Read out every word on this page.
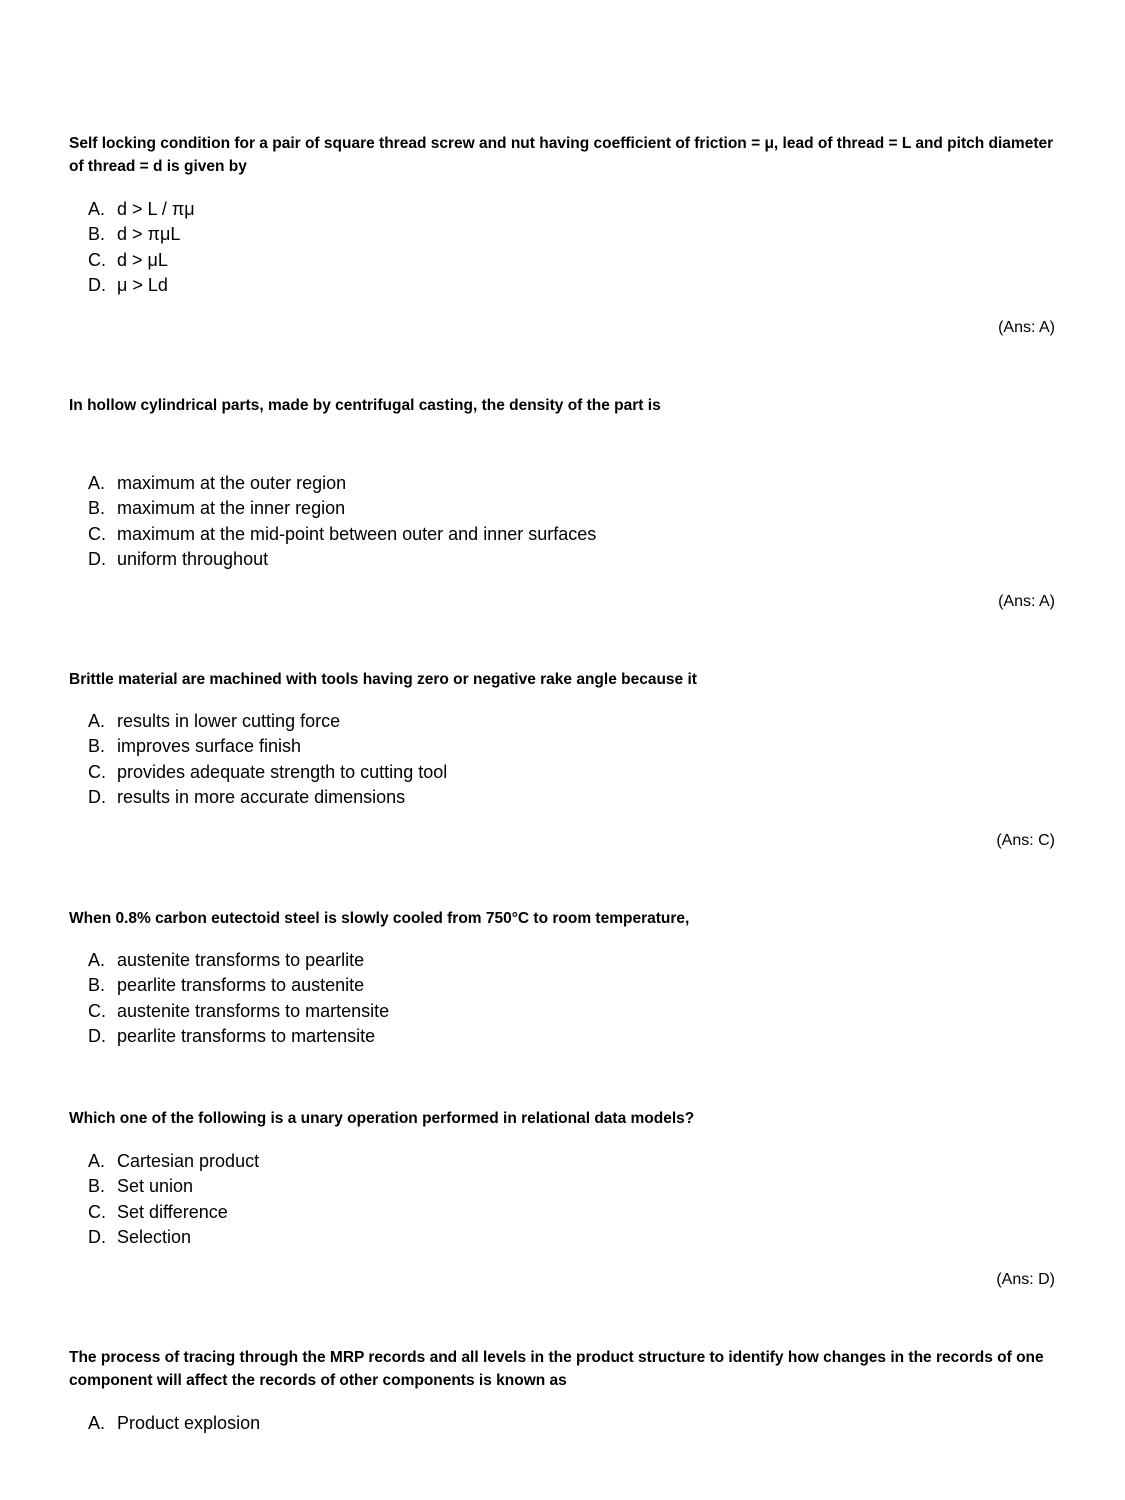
Self locking condition for a pair of square thread screw and nut having coefficient of friction = μ, lead of thread = L and pitch diameter of thread = d is given by
A. d > L / πμ
B. d > πμL
C. d > μL
D. μ > Ld
(Ans: A)
In hollow cylindrical parts, made by centrifugal casting, the density of the part is
A. maximum at the outer region
B. maximum at the inner region
C. maximum at the mid-point between outer and inner surfaces
D. uniform throughout
(Ans: A)
Brittle material are machined with tools having zero or negative rake angle because it
A. results in lower cutting force
B. improves surface finish
C. provides adequate strength to cutting tool
D. results in more accurate dimensions
(Ans: C)
When 0.8% carbon eutectoid steel is slowly cooled from 750°C to room temperature,
A. austenite transforms to pearlite
B. pearlite transforms to austenite
C. austenite transforms to martensite
D. pearlite transforms to martensite
Which one of the following is a unary operation performed in relational data models?
A. Cartesian product
B. Set union
C. Set difference
D. Selection
(Ans: D)
The process of tracing through the MRP records and all levels in the product structure to identify how changes in the records of one component will affect the records of other components is known as
A. Product explosion
